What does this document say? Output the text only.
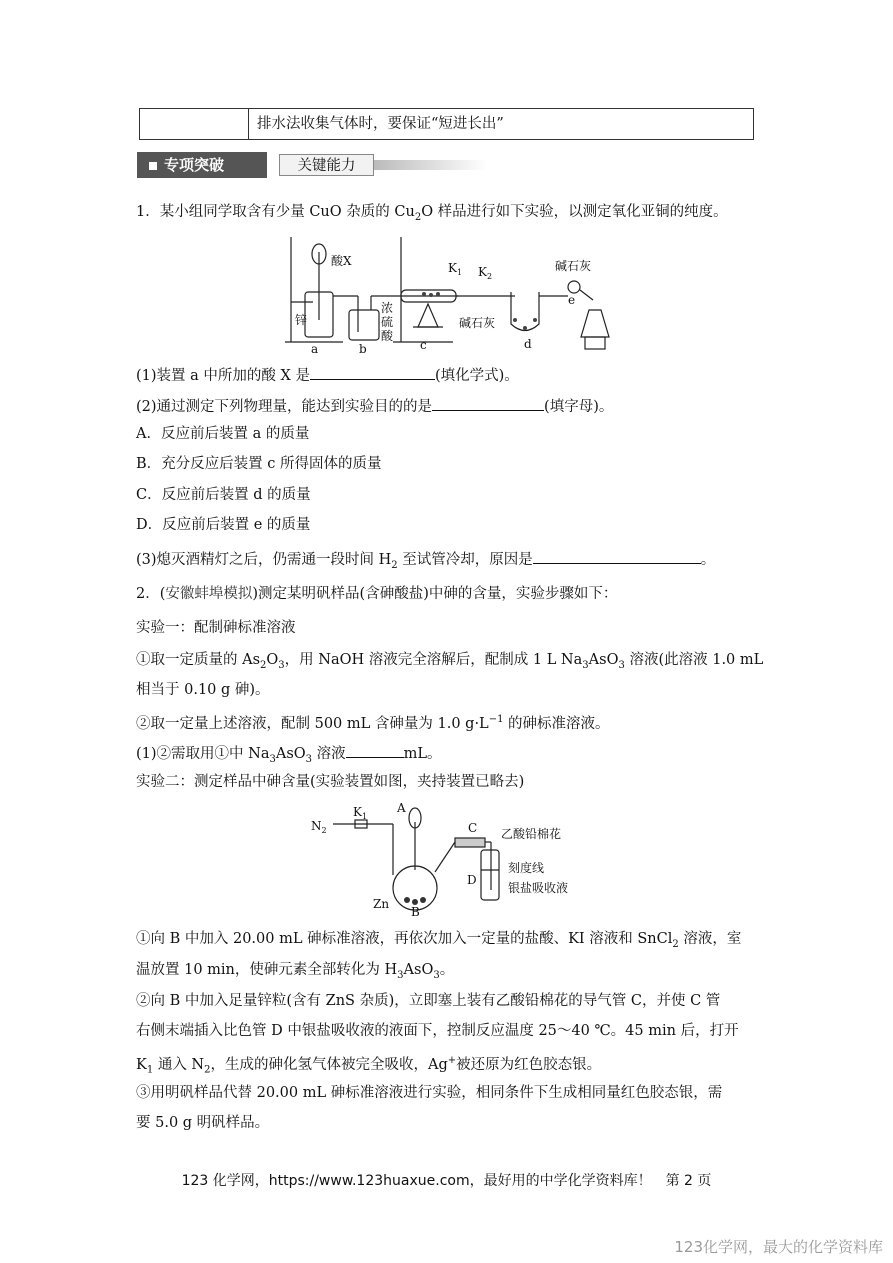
排水法收集气体时，要保证“短进长出”
专项突破	关键能力
1．某小组同学取含有少量 CuO 杂质的 $Cu_2O$ 样品进行如下实验，以测定氧化亚铜的纯度。
酸X
锌
浓
硫
酸
$K_1$ $K_2$
碱石灰
碱石灰
a	b	c	d
e
(1)装置 a 中所加的酸 X 是	(填化学式)。
(2)通过测定下列物理量，能达到实验目的的是	(填字母)。
A．反应前后装置 a 的质量
B．充分反应后装置 c 所得固体的质量
C．反应前后装置 d 的质量
D．反应前后装置 e 的质量
(3)熄灭酒精灯之后，仍需通一段时间 $H_2$ 至试管冷却，原因是	。
2．(安徽蚌埠模拟)测定某明矾样品(含砷酸盐)中砷的含量，实验步骤如下：
实验一：配制砷标准溶液
①取一定质量的 $As_2O_3$，用 NaOH 溶液完全溶解后，配制成 1 L $Na_3AsO_3$ 溶液(此溶液 1.0 mL
相当于 0.10 g 砷)。
②取一定量上述溶液，配制 500 mL 含砷量为 1.0 $g\cdot L^{-1}$ 的砷标准溶液。
(1)②需取用①中 $Na_3AsO_3$ 溶液	mL。
实验二：测定样品中砷含量(实验装置如图，夹持装置已略去)
$N_2$
$K_1$
A
B
C
D
Zn
乙酸铅棉花
刻度线
银盐吸收液
①向 B 中加入 20.00 mL 砷标准溶液，再依次加入一定量的盐酸、KI 溶液和 SnCl$_2$ 溶液，室
温放置 10 min，使砷元素全部转化为 $H_3AsO_3$。
②向 B 中加入足量锌粒(含有 ZnS 杂质)，立即塞上装有乙酸铅棉花的导气管 C，并使 C 管
右侧末端插入比色管 D 中银盐吸收液的液面下，控制反应温度 25～40 ℃。45 min 后，打开
$K_1$ 通入 $N_2$，生成的砷化氢气体被完全吸收，Ag+被还原为红色胶态银。
③用明矾样品代替 20.00 mL 砷标准溶液进行实验，相同条件下生成相同量红色胶态银，需
要 5.0 g 明矾样品。
123 化学网，https://www.123huaxue.com，最好用的中学化学资料库！　第 2 页
123化学网，最大的化学资料库
